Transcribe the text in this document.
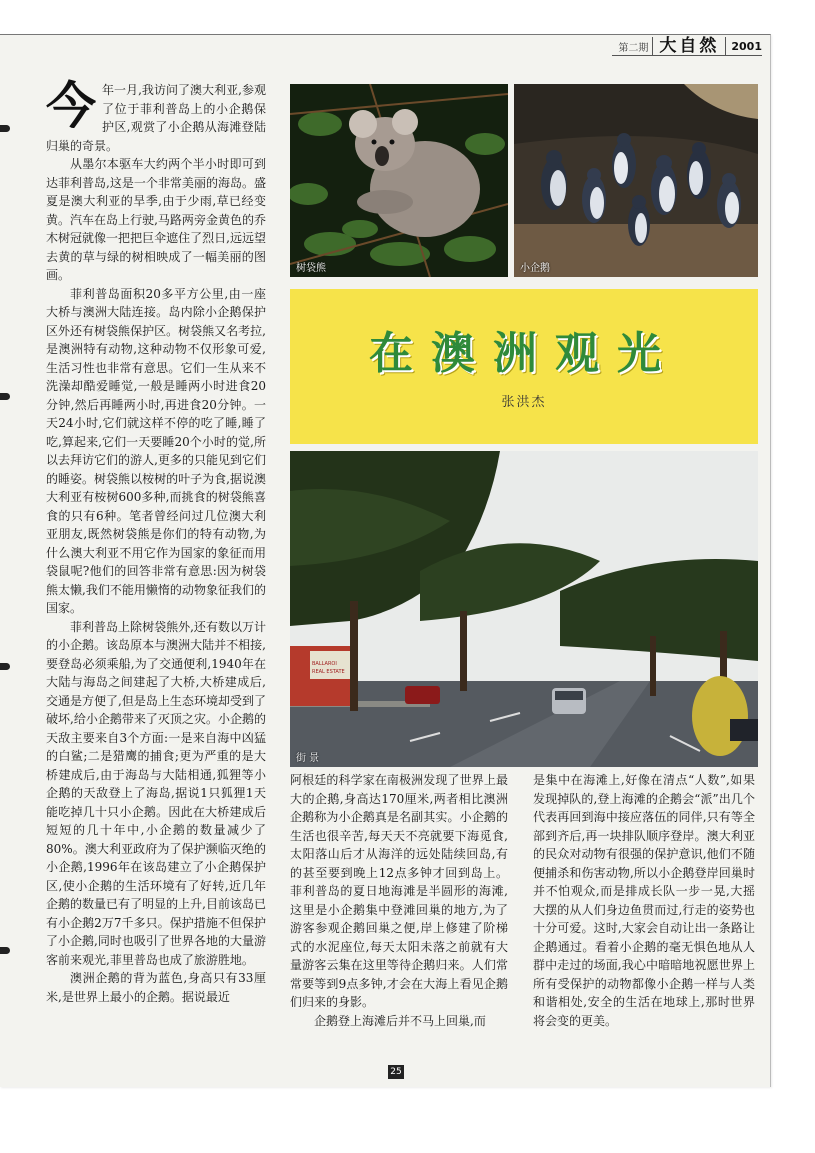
第二期 大自然	2001

今年一月,我访问了澳大利亚,参观了位于菲利普岛上的小企鹅保护区,观赏了小企鹅从海滩登陆归巢的奇景。

从墨尔本驱车大约两个半小时即可到达菲利普岛,这是一个非常美丽的海岛。盛夏是澳大利亚的旱季,由于少雨,草已经变黄。汽车在岛上行驶,马路两旁金黄色的乔木树冠就像一把把巨伞遮住了烈日,远远望去黄的草与绿的树相映成了一幅美丽的图画。

菲利普岛面积20多平方公里,由一座大桥与澳洲大陆连接。岛内除小企鹅保护区外还有树袋熊保护区。树袋熊又名考拉,是澳洲特有动物,这种动物不仅形象可爱,生活习性也非常有意思。它们一生从来不洗澡却酷爱睡觉,一般是睡两小时进食20分钟,然后再睡两小时,再进食20分钟。一天24小时,它们就这样不停的吃了睡,睡了吃,算起来,它们一天要睡20个小时的觉,所以去拜访它们的游人,更多的只能见到它们的睡姿。树袋熊以桉树的叶子为食,据说澳大利亚有桉树600多种,而挑食的树袋熊喜食的只有6种。笔者曾经问过几位澳大利亚朋友,既然树袋熊是你们的特有动物,为什么澳大利亚不用它作为国家的象征而用袋鼠呢?他们的回答非常有意思:因为树袋熊太懒,我们不能用懒惰的动物象征我们的国家。

菲利普岛上除树袋熊外,还有数以万计的小企鹅。该岛原本与澳洲大陆并不相接,要登岛必须乘船,为了交通便利,1940年在大陆与海岛之间建起了大桥,大桥建成后,交通是方便了,但是岛上生态环境却受到了破坏,给小企鹅带来了灭顶之灾。小企鹅的天敌主要来自3个方面:一是来自海中凶猛的白鲨;二是猎鹰的捕食;更为严重的是大桥建成后,由于海岛与大陆相通,狐狸等小企鹅的天敌登上了海岛,据说1只狐狸1天能吃掉几十只小企鹅。因此在大桥建成后短短的几十年中,小企鹅的数量减少了80%。澳大利亚政府为了保护濒临灭绝的小企鹅,1996年在该岛建立了小企鹅保护区,使小企鹅的生活环境有了好转,近几年企鹅的数量已有了明显的上升,目前该岛已有小企鹅2万7千多只。保护措施不但保护了小企鹅,同时也吸引了世界各地的大量游客前来观光,菲里普岛也成了旅游胜地。

澳洲企鹅的背为蓝色,身高只有33厘米,是世界上最小的企鹅。据说最近

树袋熊	小企鹅
在澳洲观光
张洪杰
BALLAROI
REAL ESTATE
街 景

阿根廷的科学家在南极洲发现了世界上最大的企鹅,身高达170厘米,两者相比澳洲企鹅称为小企鹅真是名副其实。小企鹅的生活也很辛苦,每天天不亮就要下海觅食,太阳落山后才从海洋的远处陆续回岛,有的甚至要到晚上12点多钟才回到岛上。菲利普岛的夏日地海滩是半圆形的海滩,这里是小企鹅集中登滩回巢的地方,为了游客参观企鹅回巢之便,岸上修建了阶梯式的水泥座位,每天太阳未落之前就有大量游客云集在这里等待企鹅归来。人们常常要等到9点多钟,才会在大海上看见企鹅们归来的身影。

企鹅登上海滩后并不马上回巢,而

是集中在海滩上,好像在清点“人数”,如果发现掉队的,登上海滩的企鹅会“派”出几个代表再回到海中接应落伍的同伴,只有等全部到齐后,再一块排队顺序登岸。澳大利亚的民众对动物有很强的保护意识,他们不随便捕杀和伤害动物,所以小企鹅登岸回巢时并不怕观众,而是排成长队一步一晃,大摇大摆的从人们身边鱼贯而过,行走的姿势也十分可爱。这时,大家会自动让出一条路让企鹅通过。看着小企鹅的毫无惧色地从人群中走过的场面,我心中暗暗地祝愿世界上所有受保护的动物都像小企鹅一样与人类和谐相处,安全的生活在地球上,那时世界将会变的更美。

25
